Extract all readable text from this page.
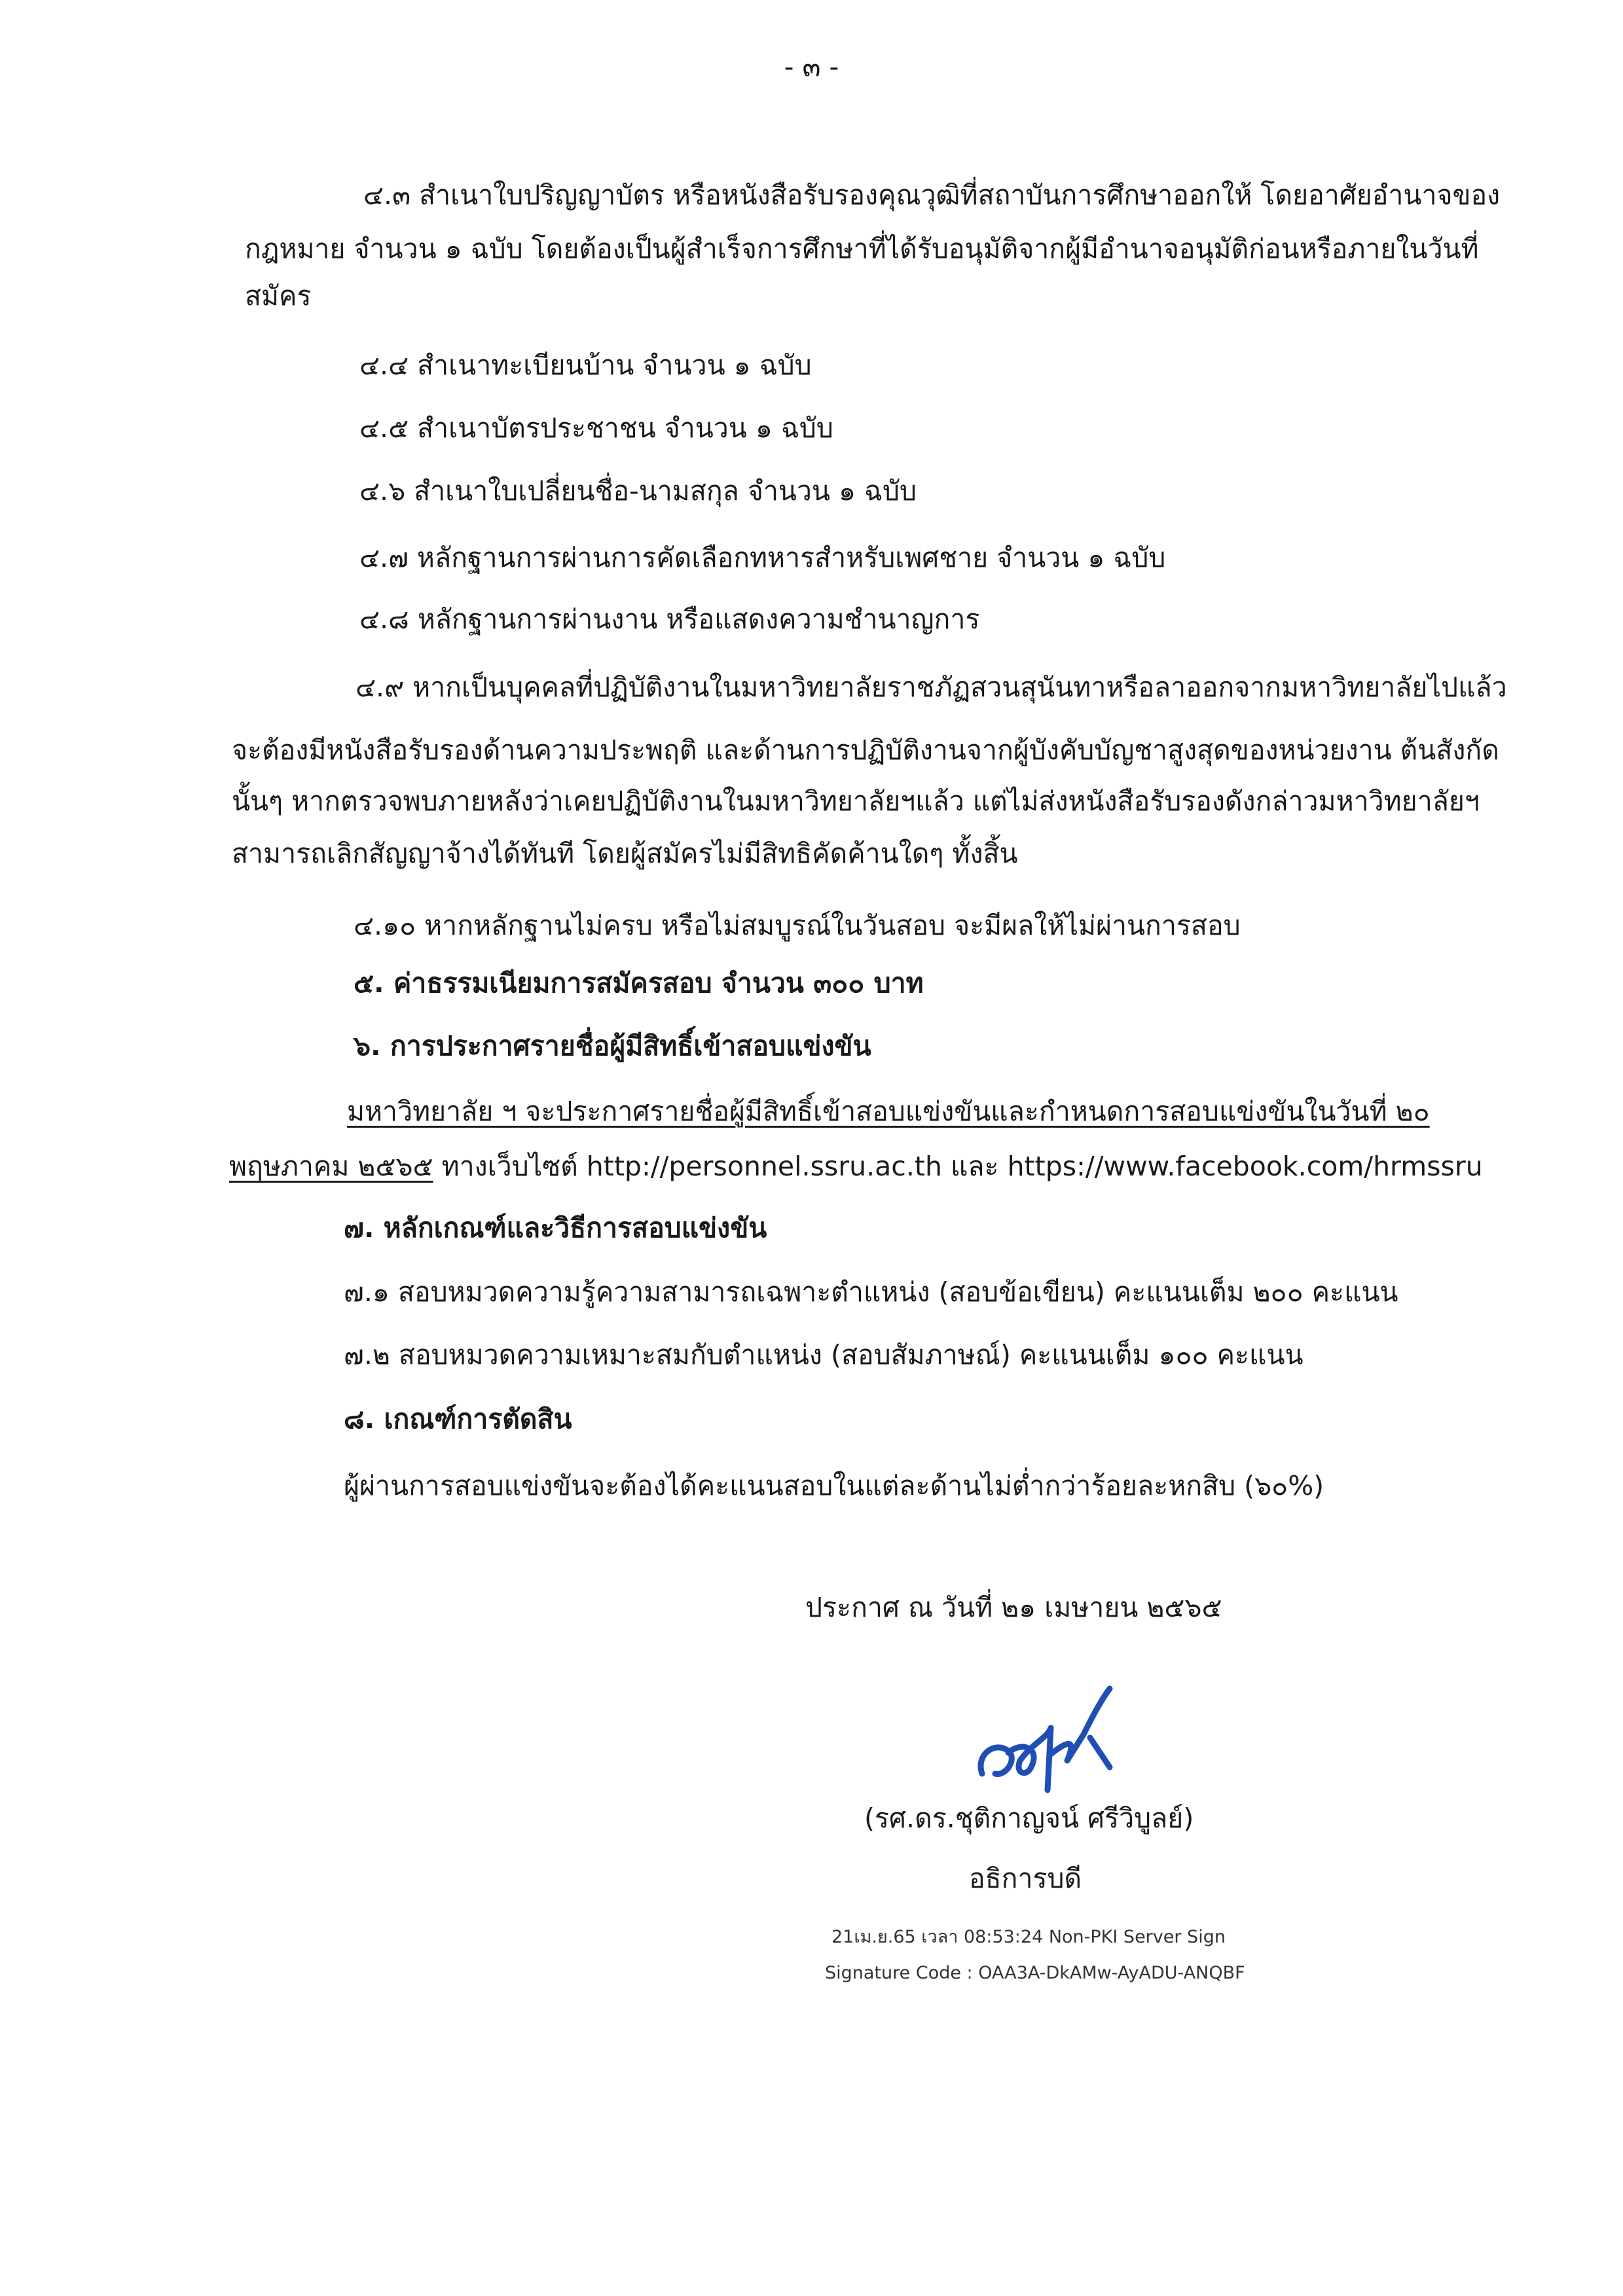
- ๓ -

๔.๓ สำเนาใบปริญญาบัตร หรือหนังสือรับรองคุณวุฒิที่สถาบันการศึกษาออกให้ โดยอาศัยอำนาจของ

กฎหมาย จำนวน ๑ ฉบับ โดยต้องเป็นผู้สำเร็จการศึกษาที่ได้รับอนุมัติจากผู้มีอำนาจอนุมัติก่อนหรือภายในวันที่

สมัคร

๔.๔ สำเนาทะเบียนบ้าน จำนวน ๑ ฉบับ

๔.๕ สำเนาบัตรประชาชน จำนวน ๑ ฉบับ

๔.๖ สำเนาใบเปลี่ยนชื่อ-นามสกุล จำนวน ๑ ฉบับ

๔.๗ หลักฐานการผ่านการคัดเลือกทหารสำหรับเพศชาย จำนวน ๑ ฉบับ

๔.๘ หลักฐานการผ่านงาน หรือแสดงความชำนาญการ

๔.๙ หากเป็นบุคคลที่ปฏิบัติงานในมหาวิทยาลัยราชภัฏสวนสุนันทาหรือลาออกจากมหาวิทยาลัยไปแล้ว

จะต้องมีหนังสือรับรองด้านความประพฤติ และด้านการปฏิบัติงานจากผู้บังคับบัญชาสูงสุดของหน่วยงาน ต้นสังกัด

นั้นๆ หากตรวจพบภายหลังว่าเคยปฏิบัติงานในมหาวิทยาลัยฯแล้ว แต่ไม่ส่งหนังสือรับรองดังกล่าวมหาวิทยาลัยฯ

สามารถเลิกสัญญาจ้างได้ทันที โดยผู้สมัครไม่มีสิทธิคัดค้านใดๆ ทั้งสิ้น

๔.๑๐ หากหลักฐานไม่ครบ หรือไม่สมบูรณ์ในวันสอบ จะมีผลให้ไม่ผ่านการสอบ

๕. ค่าธรรมเนียมการสมัครสอบ จำนวน ๓๐๐ บาท

๖. การประกาศรายชื่อผู้มีสิทธิ์เข้าสอบแข่งขัน

มหาวิทยาลัย ฯ จะประกาศรายชื่อผู้มีสิทธิ์เข้าสอบแข่งขันและกำหนดการสอบแข่งขันในวันที่ ๒๐

พฤษภาคม ๒๕๖๕ ทางเว็บไซต์ http://personnel.ssru.ac.th และ https://www.facebook.com/hrmssru

๗. หลักเกณฑ์และวิธีการสอบแข่งขัน

๗.๑ สอบหมวดความรู้ความสามารถเฉพาะตำแหน่ง (สอบข้อเขียน) คะแนนเต็ม ๒๐๐ คะแนน

๗.๒ สอบหมวดความเหมาะสมกับตำแหน่ง (สอบสัมภาษณ์) คะแนนเต็ม ๑๐๐ คะแนน

๘. เกณฑ์การตัดสิน

ผู้ผ่านการสอบแข่งขันจะต้องได้คะแนนสอบในแต่ละด้านไม่ต่ำกว่าร้อยละหกสิบ (๖๐%)

ประกาศ ณ วันที่ ๒๑ เมษายน ๒๕๖๕

(รศ.ดร.ชุติกาญจน์ ศรีวิบูลย์)

อธิการบดี

21เม.ย.65 เวลา 08:53:24 Non-PKI Server Sign

Signature Code : OAA3A-DkAMw-AyADU-ANQBF
